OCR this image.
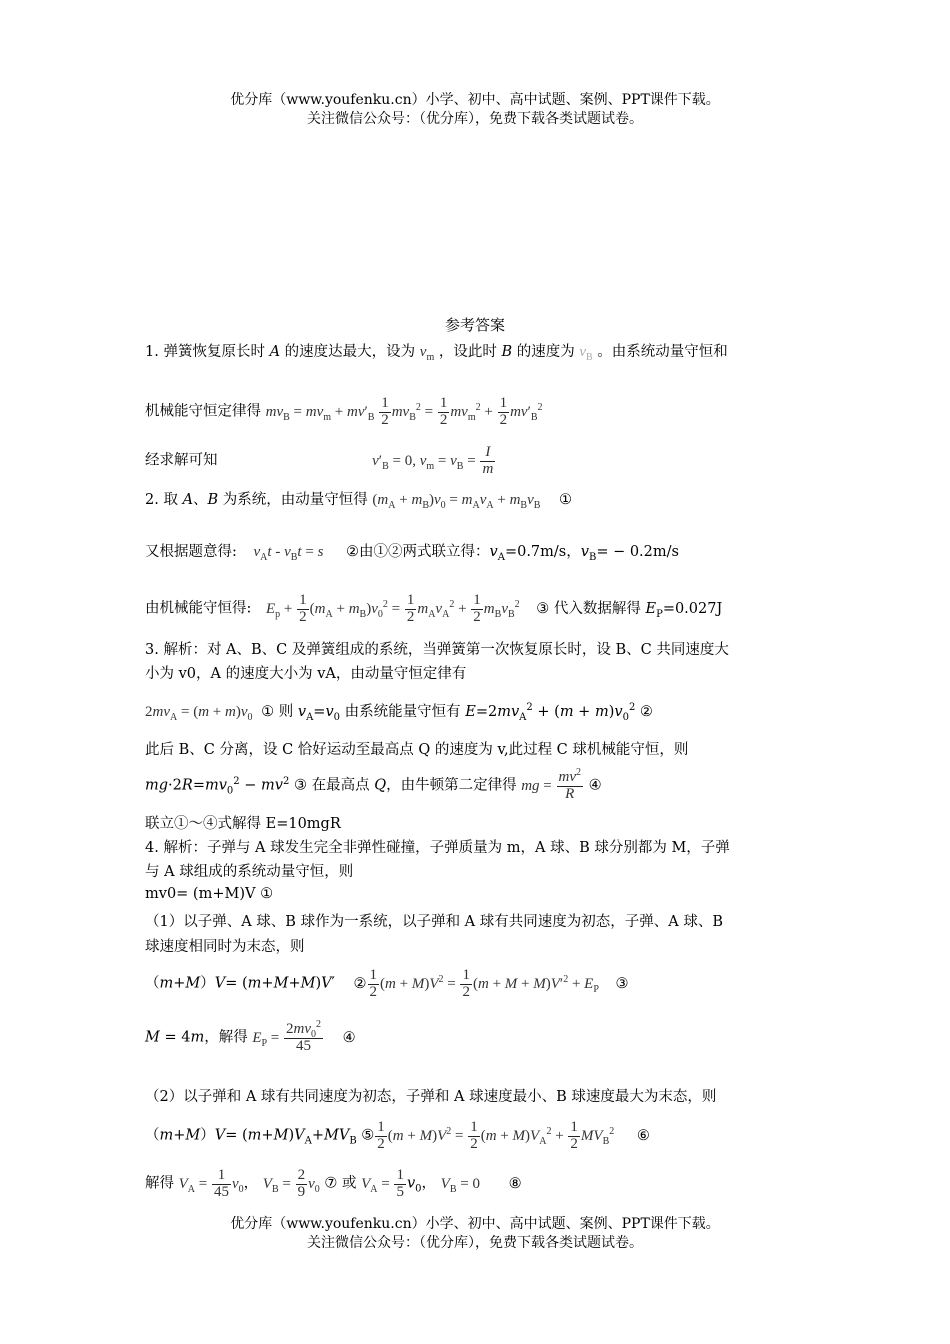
优分库（www.youfenku.cn）小学、初中、高中试题、案例、PPT课件下载。
关注微信公众号：（优分库），免费下载各类试题试卷。
参考答案
1. 弹簧恢复原长时 A 的速度达最大，设为 $v_m$ ，设此时 B 的速度为 $v_B$ 。由系统动量守恒和
机械能守恒定律得 $mv_B = mv_m + mv'_B \frac{1}{2} mv_B^2 = \frac{1}{2} mv_m^2 + \frac{1}{2} mv'_B^2$
经求解可知	$v'_B = 0$, $v_m = v_B = \frac{I}{m}$
2. 取 A、B 为系统，由动量守恒得 $(m_A + m_B)v_0 = m_Av_A + m_Bv_B$ ①
又根据题意得: $v_At - v_Bt = s$ ②由①②两式联立得：$v_A=0.7m/s$，$v_B= - 0.2m/s$
由机械能守恒得: $E_p + \frac{1}{2} (m_A + m_B)v_0^2 = \frac{1}{2} m_Av_A^2 + \frac{1}{2} m_Bv_B^2$ ③ 代入数据解得 $E_P=0.027J$
3. 解析：对 A、B、C 及弹簧组成的系统，当弹簧第一次恢复原长时，设 B、C 共同速度大
小为 v0，A 的速度大小为 vA，由动量守恒定律有
$2mv_A = (m + m)v_0$ ① 则 $v_A=v_0$ 由系统能量守恒有 $E=2mv_A^2 + (m + m)v_0^2$ ②
此后 B、C 分离，设 C 恰好运动至最高点 Q 的速度为 v,此过程 C 球机械能守恒，则
$mg\cdot 2R=mv_0^2 - mv^2$ ③ 在最高点 Q，由牛顿第二定律得 mg = $\frac{mv^2}{R}$ ④
联立①～④式解得 E=10mgR
4. 解析：子弹与 A 球发生完全非弹性碰撞，子弹质量为 m，A 球、B 球分别都为 M，子弹
与 A 球组成的系统动量守恒，则
mv0= (m+M)V ①
（1）以子弹、A 球、B 球作为一系统，以子弹和 A 球有共同速度为初态，子弹、A 球、B
球速度相同时为末态，则
（m+M）V= (m+M+M)V′ ② $\frac{1}{2} (m + M)V^2 = \frac{1}{2} (m + M + M)V'^2 + E_P$ ③
M = 4m，解得 $E_P = \frac{2mv_0^2}{45}$ ④
（2）以子弹和 A 球有共同速度为初态，子弹和 A 球速度最小、B 球速度最大为末态，则
$(m+M)V= (m+M)V_A+MV_B$ ⑤ $\frac{1}{2} (m + M)V^2 = \frac{1}{2} (m + M)V_A^2 + \frac{1}{2} MV_B^2$ ⑥
解得 $V_A = \frac{1}{45} v_0$， $V_B = \frac{2}{9} v_0$ ⑦ 或 $V_A = \frac{1}{5} v_0$， $V_B = 0$ ⑧
优分库（www.youfenku.cn）小学、初中、高中试题、案例、PPT课件下载。
关注微信公众号：（优分库），免费下载各类试题试卷。
